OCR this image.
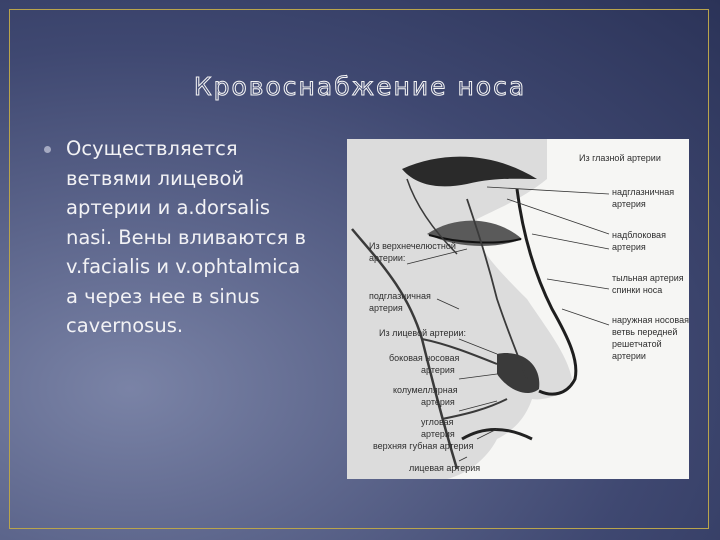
Кровоснабжение носа
Осуществляется
ветвями лицевой
артерии и a.dorsalis
nasi. Вены вливаются в
v.facialis и v.ophtalmica
а через нее в sinus
cavernosus.
Из глазной артерии
надглазничная
артерия
надблоковая
артерия
тыльная артерия
спинки носа
наружная носовая
ветвь передней
решетчатой
артерии
Из верхнечелюстной
артерии:
подглазничная
артерия
Из лицевой артерии:
боковая носовая
артерия
колумеллярная
артерия
угловая
артерия
верхняя губная артерия
лицевая артерия
